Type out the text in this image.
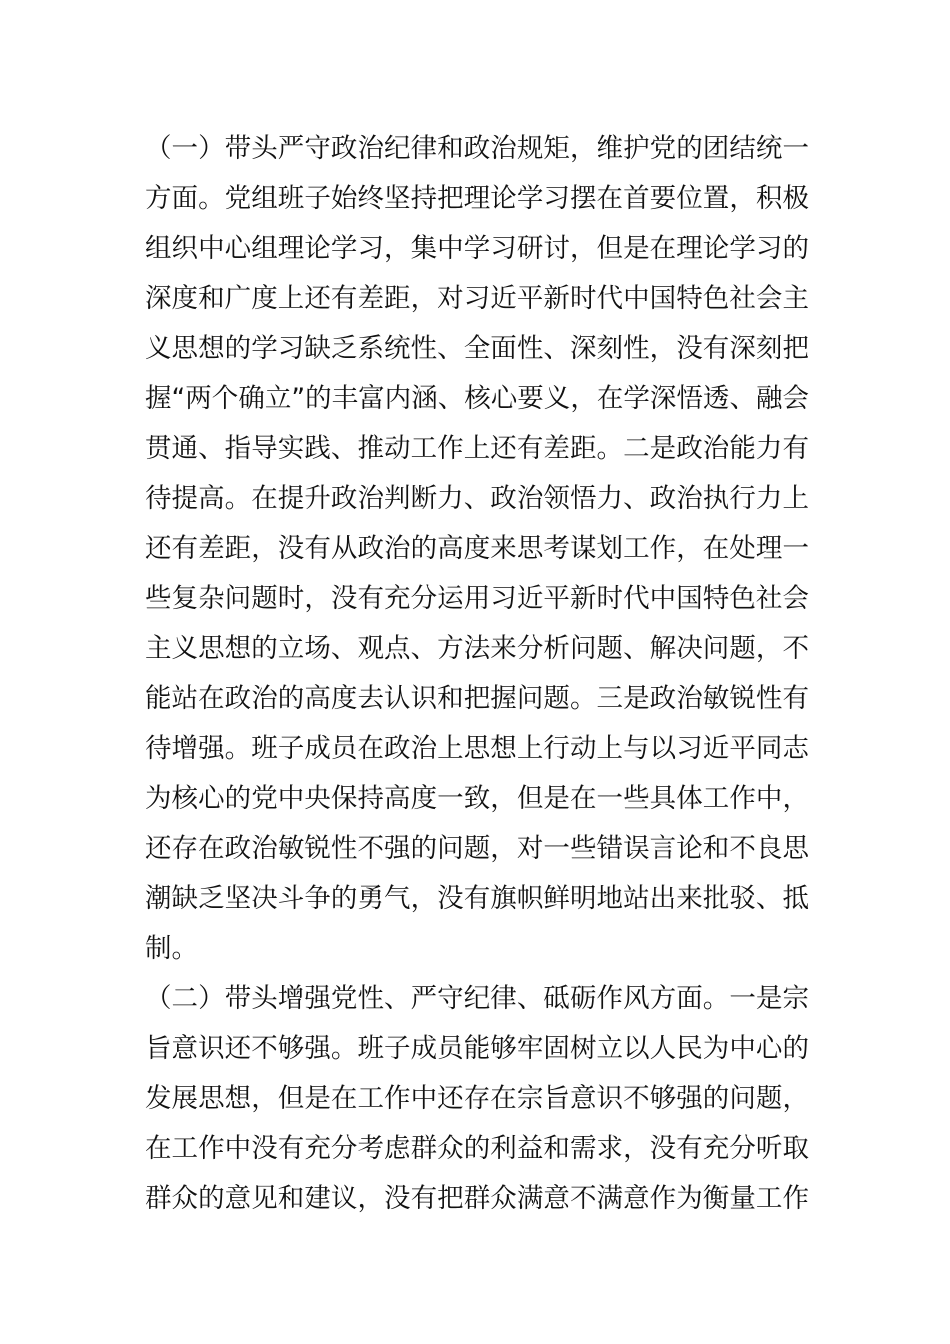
（一）带头严守政治纪律和政治规矩，维护党的团结统一
方面。党组班子始终坚持把理论学习摆在首要位置，积极
组织中心组理论学习，集中学习研讨，但是在理论学习的
深度和广度上还有差距，对习近平新时代中国特色社会主
义思想的学习缺乏系统性、全面性、深刻性，没有深刻把
握“两个确立”的丰富内涵、核心要义，在学深悟透、融会
贯通、指导实践、推动工作上还有差距。二是政治能力有
待提高。在提升政治判断力、政治领悟力、政治执行力上
还有差距，没有从政治的高度来思考谋划工作，在处理一
些复杂问题时，没有充分运用习近平新时代中国特色社会
主义思想的立场、观点、方法来分析问题、解决问题，不
能站在政治的高度去认识和把握问题。三是政治敏锐性有
待增强。班子成员在政治上思想上行动上与以习近平同志
为核心的党中央保持高度一致，但是在一些具体工作中，
还存在政治敏锐性不强的问题，对一些错误言论和不良思
潮缺乏坚决斗争的勇气，没有旗帜鲜明地站出来批驳、抵
制。
（二）带头增强党性、严守纪律、砥砺作风方面。一是宗
旨意识还不够强。班子成员能够牢固树立以人民为中心的
发展思想，但是在工作中还存在宗旨意识不够强的问题，
在工作中没有充分考虑群众的利益和需求，没有充分听取
群众的意见和建议，没有把群众满意不满意作为衡量工作
